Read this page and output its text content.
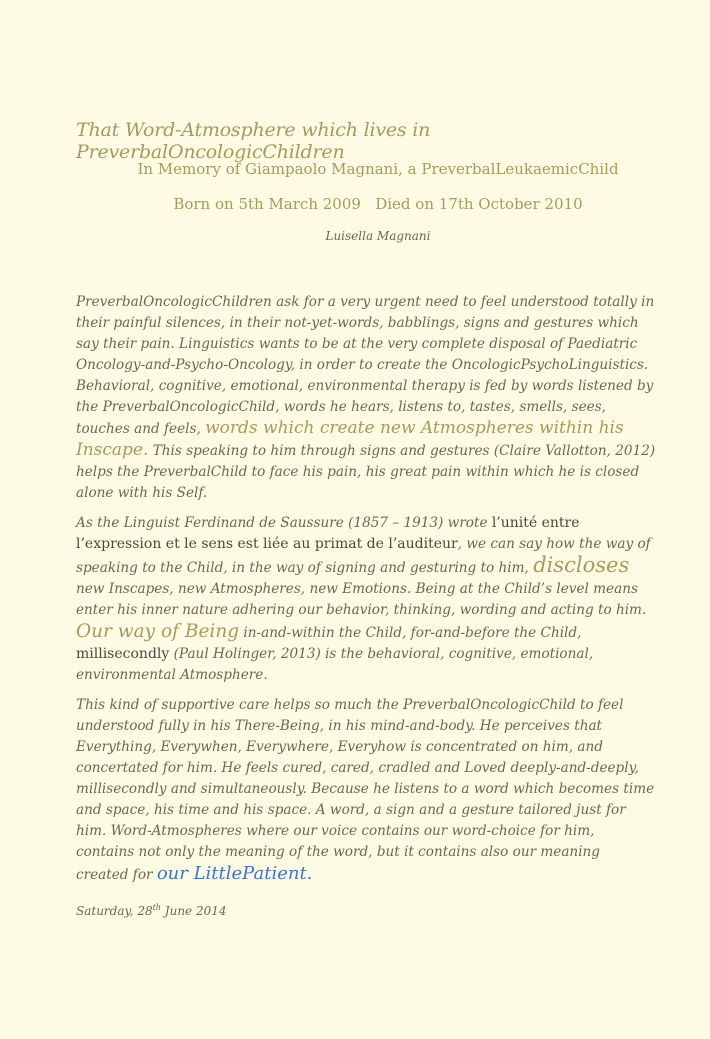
That Word-Atmosphere which lives in PreverbalOncologicChildren
In Memory of Giampaolo Magnani, a PreverbalLeukaemicChild
Born on 5th March 2009 Died on 17th October 2010
Luisella Magnani

PreverbalOncologicChildren ask for a very urgent need to feel understood totally in their painful silences, in their not-yet-words, babblings, signs and gestures which say their pain. Linguistics wants to be at the very complete disposal of Paediatric Oncology-and-Psycho-Oncology, in order to create the OncologicPsychoLinguistics. Behavioral, cognitive, emotional, environmental therapy is fed by words listened by the PreverbalOncologicChild, words he hears, listens to, tastes, smells, sees, touches and feels, words which create new Atmospheres within his Inscape. This speaking to him through signs and gestures (Claire Vallotton, 2012) helps the PreverbalChild to face his pain, his great pain within which he is closed alone with his Self.

As the Linguist Ferdinand de Saussure (1857 – 1913) wrote l’unité entre l’expression et le sens est liée au primat de l’auditeur, we can say how the way of speaking to the Child, in the way of signing and gesturing to him, discloses new Inscapes, new Atmospheres, new Emotions. Being at the Child’s level means enter his inner nature adhering our behavior, thinking, wording and acting to him. Our way of Being in-and-within the Child, for-and-before the Child, millisecondly (Paul Holinger, 2013) is the behavioral, cognitive, emotional, environmental Atmosphere.

This kind of supportive care helps so much the PreverbalOncologicChild to feel understood fully in his There-Being, in his mind-and-body. He perceives that Everything, Everywhen, Everywhere, Everyhow is concentrated on him, and concertated for him. He feels cured, cared, cradled and Loved deeply-and-deeply, millisecondly and simultaneously. Because he listens to a word which becomes time and space, his time and his space. A word, a sign and a gesture tailored just for him. Word-Atmospheres where our voice contains our word-choice for him, contains not only the meaning of the word, but it contains also our meaning created for our LittlePatient.

Saturday, 28th June 2014
